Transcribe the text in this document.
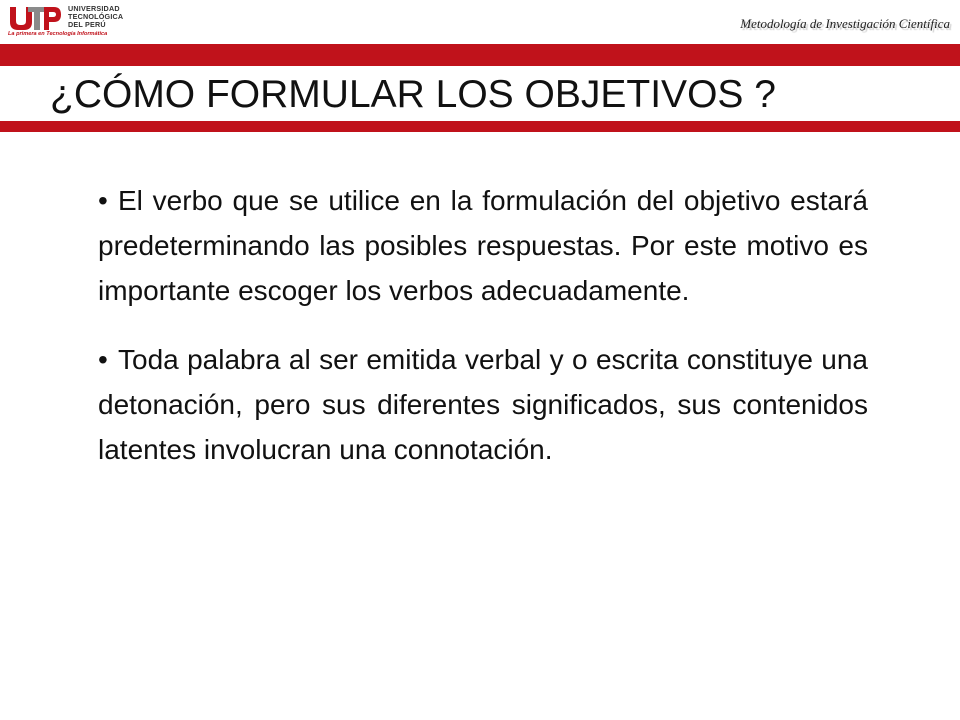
UNIVERSIDAD
TECNOLÓGICA
DEL PERÚ
La primera en Tecnología Informática
Metodología de Investigación Científica
¿CÓMO FORMULAR LOS OBJETIVOS ?

• El verbo que se utilice en la formulación del objetivo estará predeterminando las posibles respuestas. Por este motivo es importante escoger los verbos adecuadamente.

• Toda palabra al ser emitida verbal y o escrita constituye una detonación, pero sus diferentes significados, sus contenidos latentes involucran una connotación.
